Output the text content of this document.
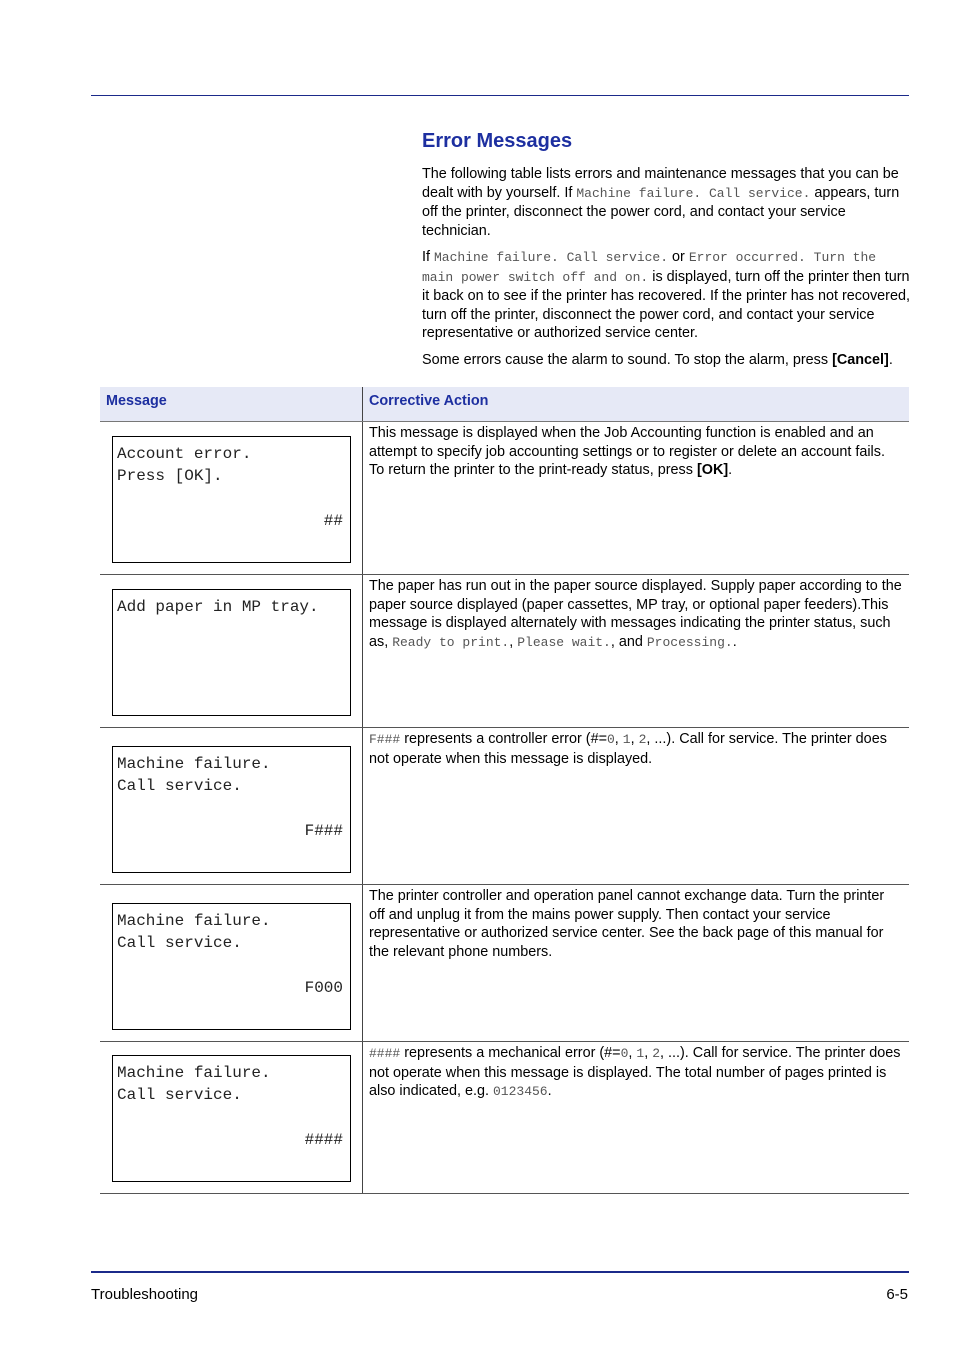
Error Messages

The following table lists errors and maintenance messages that you can be dealt with by yourself. If Machine failure. Call service. appears, turn off the printer, disconnect the power cord, and contact your service technician.

If Machine failure. Call service. or Error occurred. Turn the main power switch off and on. is displayed, turn off the printer then turn it back on to see if the printer has recovered. If the printer has not recovered, turn off the printer, disconnect the power cord, and contact your service representative or authorized service center.

Some errors cause the alarm to sound. To stop the alarm, press [Cancel].

Message	Corrective Action
Account error.
Press [OK].
##
This message is displayed when the Job Accounting function is enabled and an attempt to specify job accounting settings or to register or delete an account fails. To return the printer to the print-ready status, press [OK].
Add paper in MP tray.
The paper has run out in the paper source displayed. Supply paper according to the paper source displayed (paper cassettes, MP tray, or optional paper feeders).This message is displayed alternately with messages indicating the printer status, such as, Ready to print., Please wait., and Processing..
Machine failure.
Call service.
F###
F### represents a controller error (#=0, 1, 2, ...). Call for service. The printer does not operate when this message is displayed.
Machine failure.
Call service.
F000
The printer controller and operation panel cannot exchange data. Turn the printer off and unplug it from the mains power supply. Then contact your service representative or authorized service center. See the back page of this manual for the relevant phone numbers.
Machine failure.
Call service.
####
#### represents a mechanical error (#=0, 1, 2, ...). Call for service. The printer does not operate when this message is displayed. The total number of pages printed is also indicated, e.g. 0123456.
Troubleshooting	6-5
